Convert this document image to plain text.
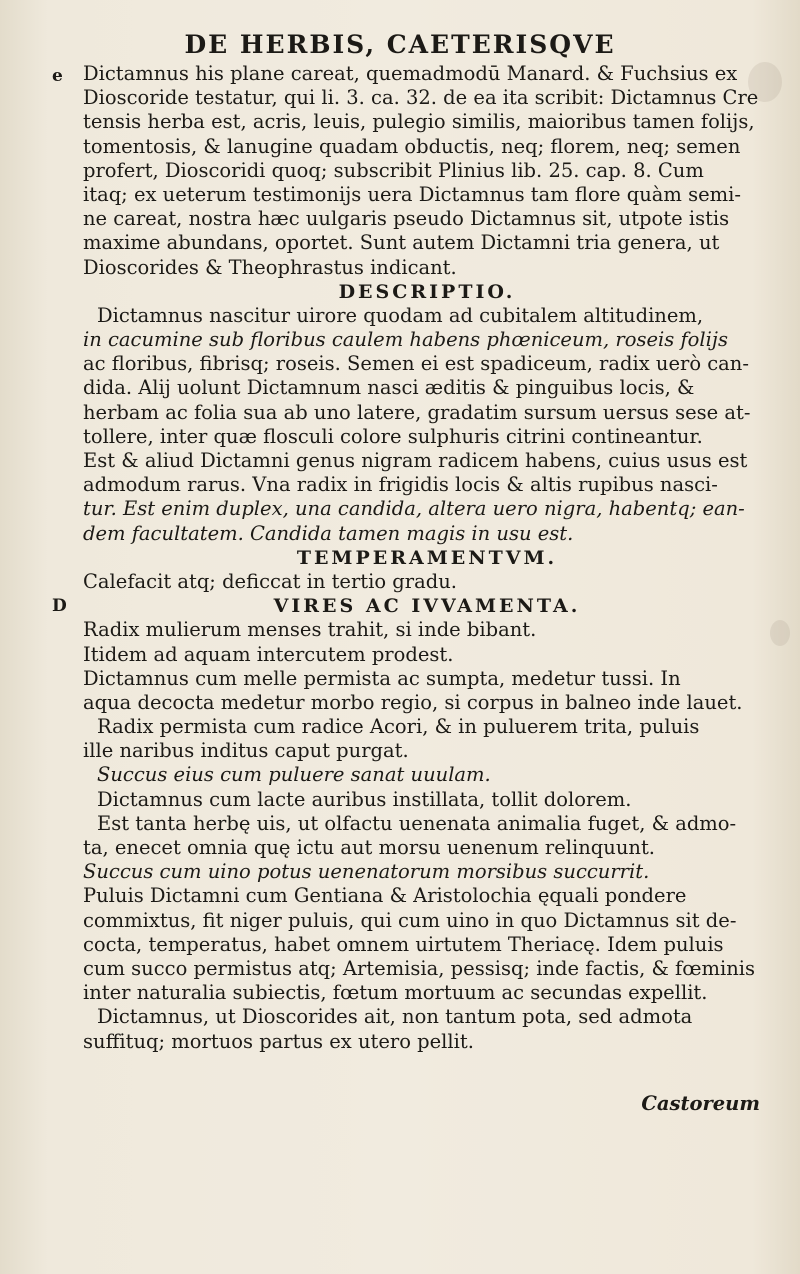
DE HERBIS, CAETERISQVE
e
D
Dictamnus his plane careat, quemadmodū Manard. & Fuchsius ex
Dioscoride testatur, qui li. 3. ca. 32. de ea ita scribit: Dictamnus Cre
tensis herba est, acris, leuis, pulegio similis, maioribus tamen folijs,
tomentosis, & lanugine quadam obductis, neq; florem, neq; semen
profert, Dioscoridi quoq; subscribit Plinius lib. 25. cap. 8. Cum
itaq; ex ueterum testimonijs uera Dictamnus tam flore quàm semi-
ne careat, nostra hæc uulgaris pseudo Dictamnus sit, utpote istis
maxime abundans, oportet. Sunt autem Dictamni tria genera, ut
Dioscorides & Theophrastus indicant.
DESCRIPTIO.
Dictamnus nascitur uirore quodam ad cubitalem altitudinem,
in cacumine sub floribus caulem habens phœniceum, roseis folijs
ac floribus, fibrisq; roseis. Semen ei est spadiceum, radix uerò can-
dida. Alij uolunt Dictamnum nasci æditis & pinguibus locis, &
herbam ac folia sua ab uno latere, gradatim sursum uersus sese at-
tollere, inter quæ flosculi colore sulphuris citrini contineantur.
Est & aliud Dictamni genus nigram radicem habens, cuius usus est
admodum rarus. Vna radix in frigidis locis & altis rupibus nasci-
tur. Est enim duplex, una candida, altera uero nigra, habentq; ean-
dem facultatem. Candida tamen magis in usu est.
TEMPERAMENTVM.
Calefacit atq; deficcat in tertio gradu.
VIRES AC IVVAMENTA.
Radix mulierum menses trahit, si inde bibant.
Itidem ad aquam intercutem prodest.
Dictamnus cum melle permista ac sumpta, medetur tussi. In
aqua decocta medetur morbo regio, si corpus in balneo inde lauet.
Radix permista cum radice Acori, & in puluerem trita, puluis
ille naribus inditus caput purgat.
Succus eius cum puluere sanat uuulam.
Dictamnus cum lacte auribus instillata, tollit dolorem.
Est tanta herbę uis, ut olfactu uenenata animalia fuget, & admo-
ta, enecet omnia quę ictu aut morsu uenenum relinquunt.
Succus cum uino potus uenenatorum morsibus succurrit.
Puluis Dictamni cum Gentiana & Aristolochia ęquali pondere
commixtus, fit niger puluis, qui cum uino in quo Dictamnus sit de-
cocta, temperatus, habet omnem uirtutem Theriacę. Idem puluis
cum succo permistus atq; Artemisia, pessisq; inde factis, & fœminis
inter naturalia subiectis, fœtum mortuum ac secundas expellit.
Dictamnus, ut Dioscorides ait, non tantum pota, sed admota
suffituq; mortuos partus ex utero pellit.
Castoreum
